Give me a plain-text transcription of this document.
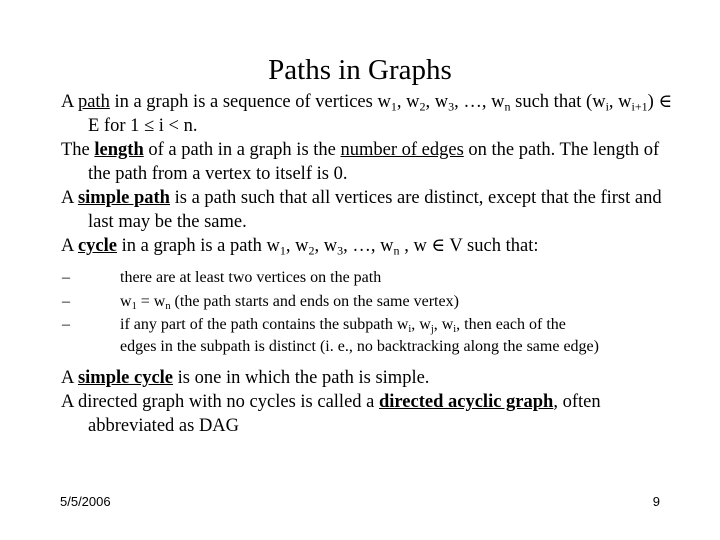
Paths in Graphs

A path in a graph is a sequence of vertices $w_1$, $w_2$, $w_3$, …, $w_n$ such that ($w_i$, $w_{i+1}$) ∈ E for 1 ≤ i < n.

The length of a path in a graph is the number of edges on the path. The length of the path from a vertex to itself is 0.

A simple path is a path such that all vertices are distinct, except that the first and last may be the same.

A cycle in a graph is a path $w_1$, $w_2$, $w_3$, …, $w_n$ , w ∈ V such that:

–	there are at least two vertices on the path
–	$w_1 = w_n$ (the path starts and ends on the same vertex)
–	if any part of the path contains the subpath $w_i$, $w_j$, $w_i$, then each of the
edges in the subpath is distinct (i. e., no backtracking along the same edge)

A simple cycle is one in which the path is simple.

A directed graph with no cycles is called a directed acyclic graph, often abbreviated as DAG

5/5/2006	9
